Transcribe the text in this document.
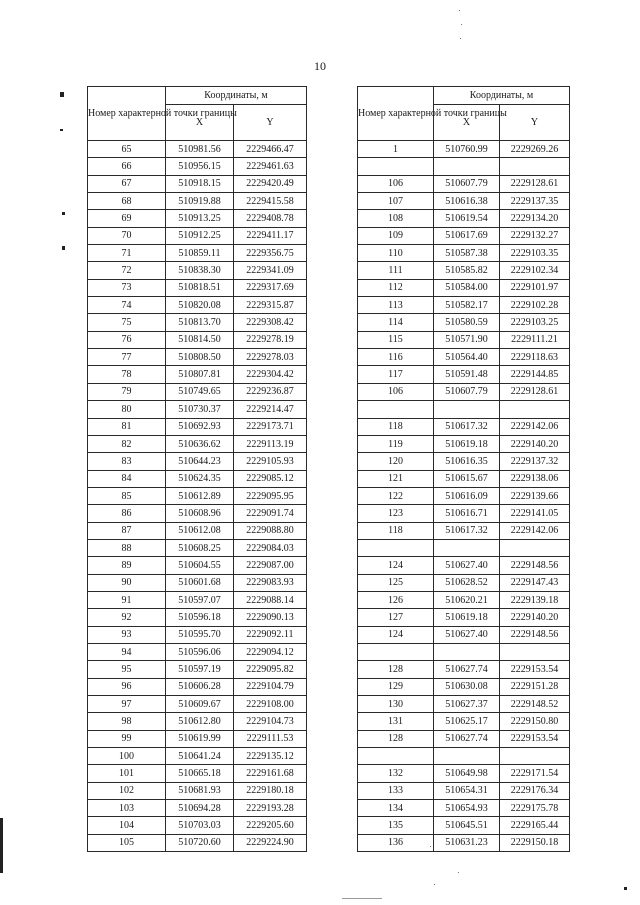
10
Номер характерной точки границы	Координаты, м	
	X	Y
65	510981.56	2229466.47
66	510956.15	2229461.63
67	510918.15	2229420.49
68	510919.88	2229415.58
69	510913.25	2229408.78
70	510912.25	2229411.17
71	510859.11	2229356.75
72	510838.30	2229341.09
73	510818.51	2229317.69
74	510820.08	2229315.87
75	510813.70	2229308.42
76	510814.50	2229278.19
77	510808.50	2229278.03
78	510807.81	2229304.42
79	510749.65	2229236.87
80	510730.37	2229214.47
81	510692.93	2229173.71
82	510636.62	2229113.19
83	510644.23	2229105.93
84	510624.35	2229085.12
85	510612.89	2229095.95
86	510608.96	2229091.74
87	510612.08	2229088.80
88	510608.25	2229084.03
89	510604.55	2229087.00
90	510601.68	2229083.93
91	510597.07	2229088.14
92	510596.18	2229090.13
93	510595.70	2229092.11
94	510596.06	2229094.12
95	510597.19	2229095.82
96	510606.28	2229104.79
97	510609.67	2229108.00
98	510612.80	2229104.73
99	510619.99	2229111.53
100	510641.24	2229135.12
101	510665.18	2229161.68
102	510681.93	2229180.18
103	510694.28	2229193.28
104	510703.03	2229205.60
105	510720.60	2229224.90
Номер характерной точки границы	Координаты, м	
	X	Y
1	510760.99	2229269.26

106	510607.79	2229128.61
107	510616.38	2229137.35
108	510619.54	2229134.20
109	510617.69	2229132.27
110	510587.38	2229103.35
111	510585.82	2229102.34
112	510584.00	2229101.97
113	510582.17	2229102.28
114	510580.59	2229103.25
115	510571.90	2229111.21
116	510564.40	2229118.63
117	510591.48	2229144.85
106	510607.79	2229128.61

118	510617.32	2229142.06
119	510619.18	2229140.20
120	510616.35	2229137.32
121	510615.67	2229138.06
122	510616.09	2229139.66
123	510616.71	2229141.05
118	510617.32	2229142.06

124	510627.40	2229148.56
125	510628.52	2229147.43
126	510620.21	2229139.18
127	510619.18	2229140.20
124	510627.40	2229148.56

128	510627.74	2229153.54
129	510630.08	2229151.28
130	510627.37	2229148.52
131	510625.17	2229150.80
128	510627.74	2229153.54

132	510649.98	2229171.54
133	510654.31	2229176.34
134	510654.93	2229175.78
135	510645.51	2229165.44
136	510631.23	2229150.18
